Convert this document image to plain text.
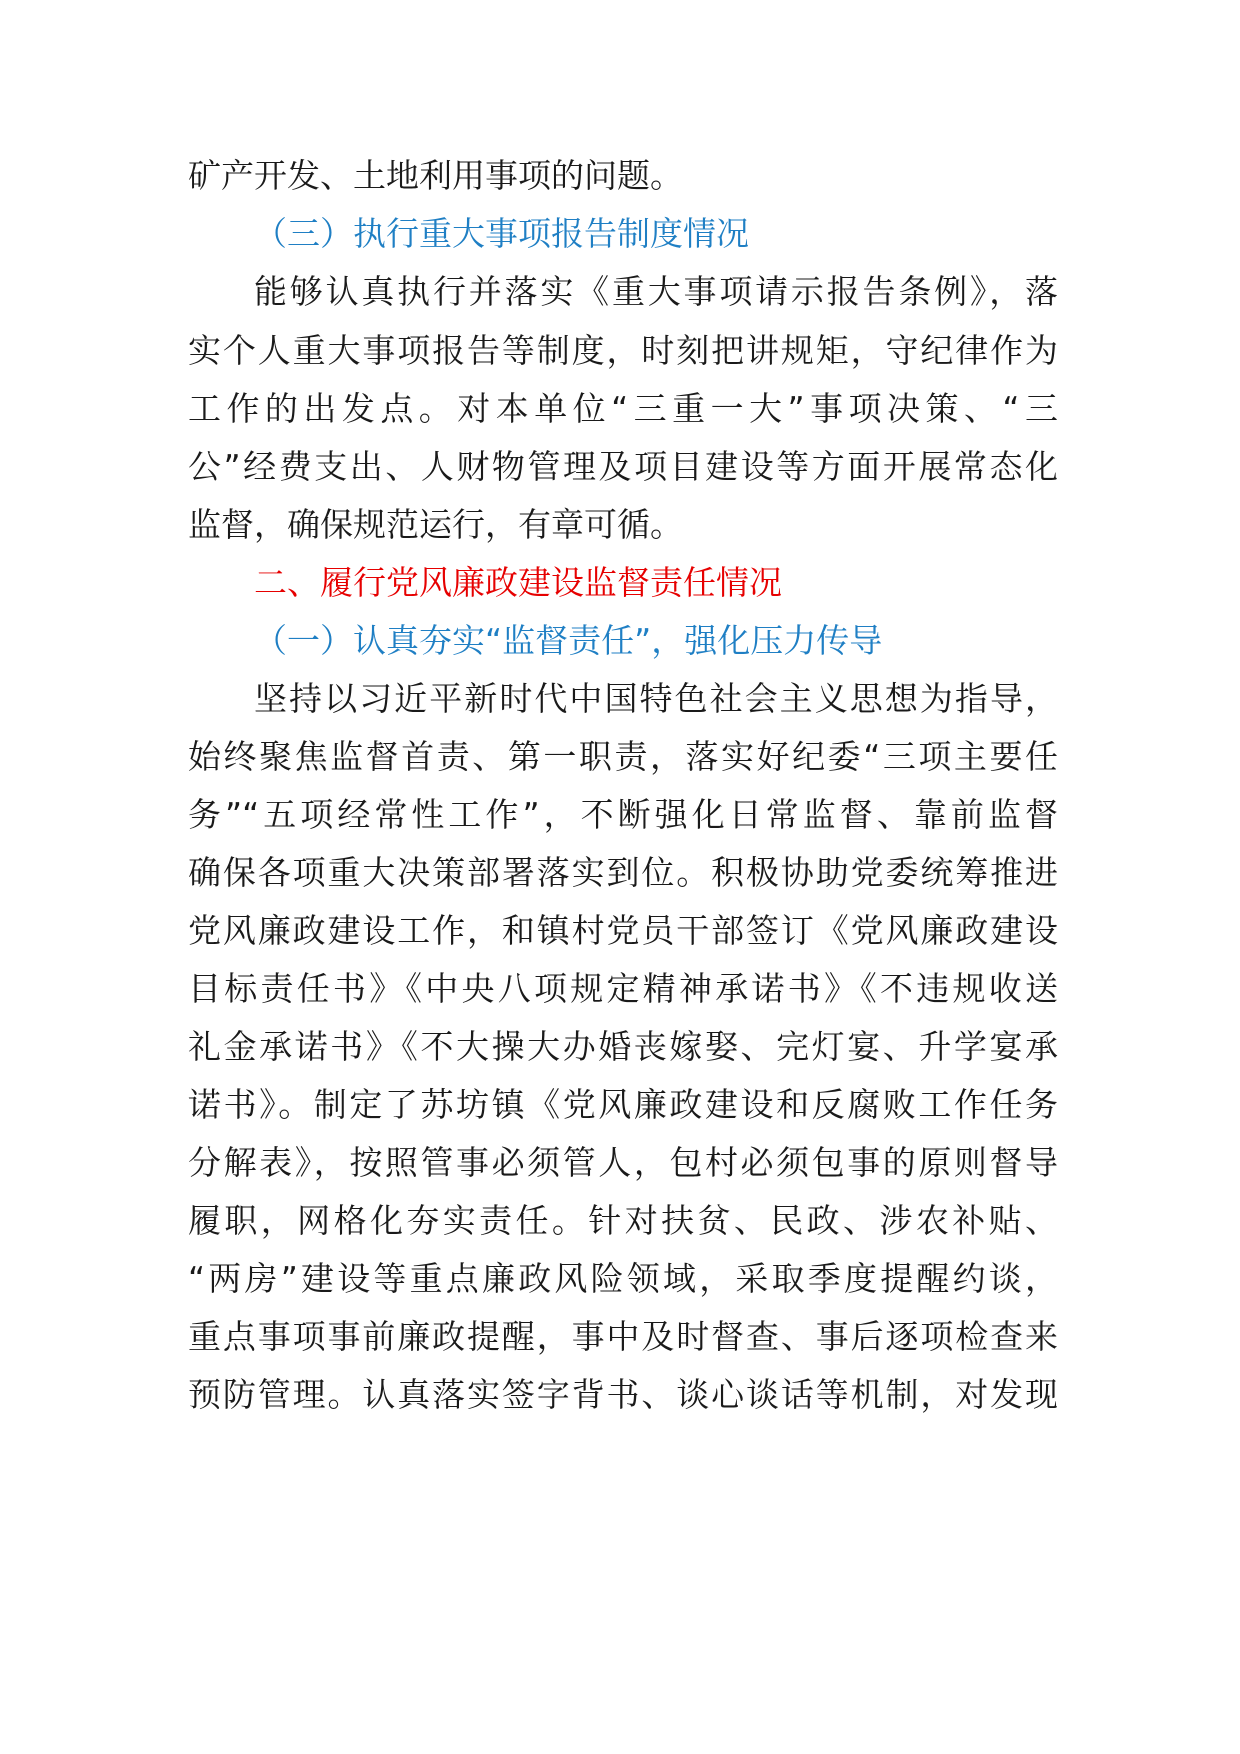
矿产开发、土地利用事项的问题。
（三）执行重大事项报告制度情况
能够认真执行并落实《重大事项请示报告条例》，落
实个人重大事项报告等制度，时刻把讲规矩，守纪律作为
工作的出发点。对本单位“三重一大”事项决策、“三
公”经费支出、人财物管理及项目建设等方面开展常态化
监督，确保规范运行，有章可循。
二、履行党风廉政建设监督责任情况
（一）认真夯实“监督责任”，强化压力传导
坚持以习近平新时代中国特色社会主义思想为指导，
始终聚焦监督首责、第一职责，落实好纪委“三项主要任
务”“五项经常性工作”，不断强化日常监督、靠前监督
确保各项重大决策部署落实到位。积极协助党委统筹推进
党风廉政建设工作，和镇村党员干部签订《党风廉政建设
目标责任书》《中央八项规定精神承诺书》《不违规收送
礼金承诺书》《不大操大办婚丧嫁娶、完灯宴、升学宴承
诺书》。制定了苏坊镇《党风廉政建设和反腐败工作任务
分解表》，按照管事必须管人，包村必须包事的原则督导
履职，网格化夯实责任。针对扶贫、民政、涉农补贴、
“两房”建设等重点廉政风险领域，采取季度提醒约谈，
重点事项事前廉政提醒，事中及时督查、事后逐项检查来
预防管理。认真落实签字背书、谈心谈话等机制，对发现
